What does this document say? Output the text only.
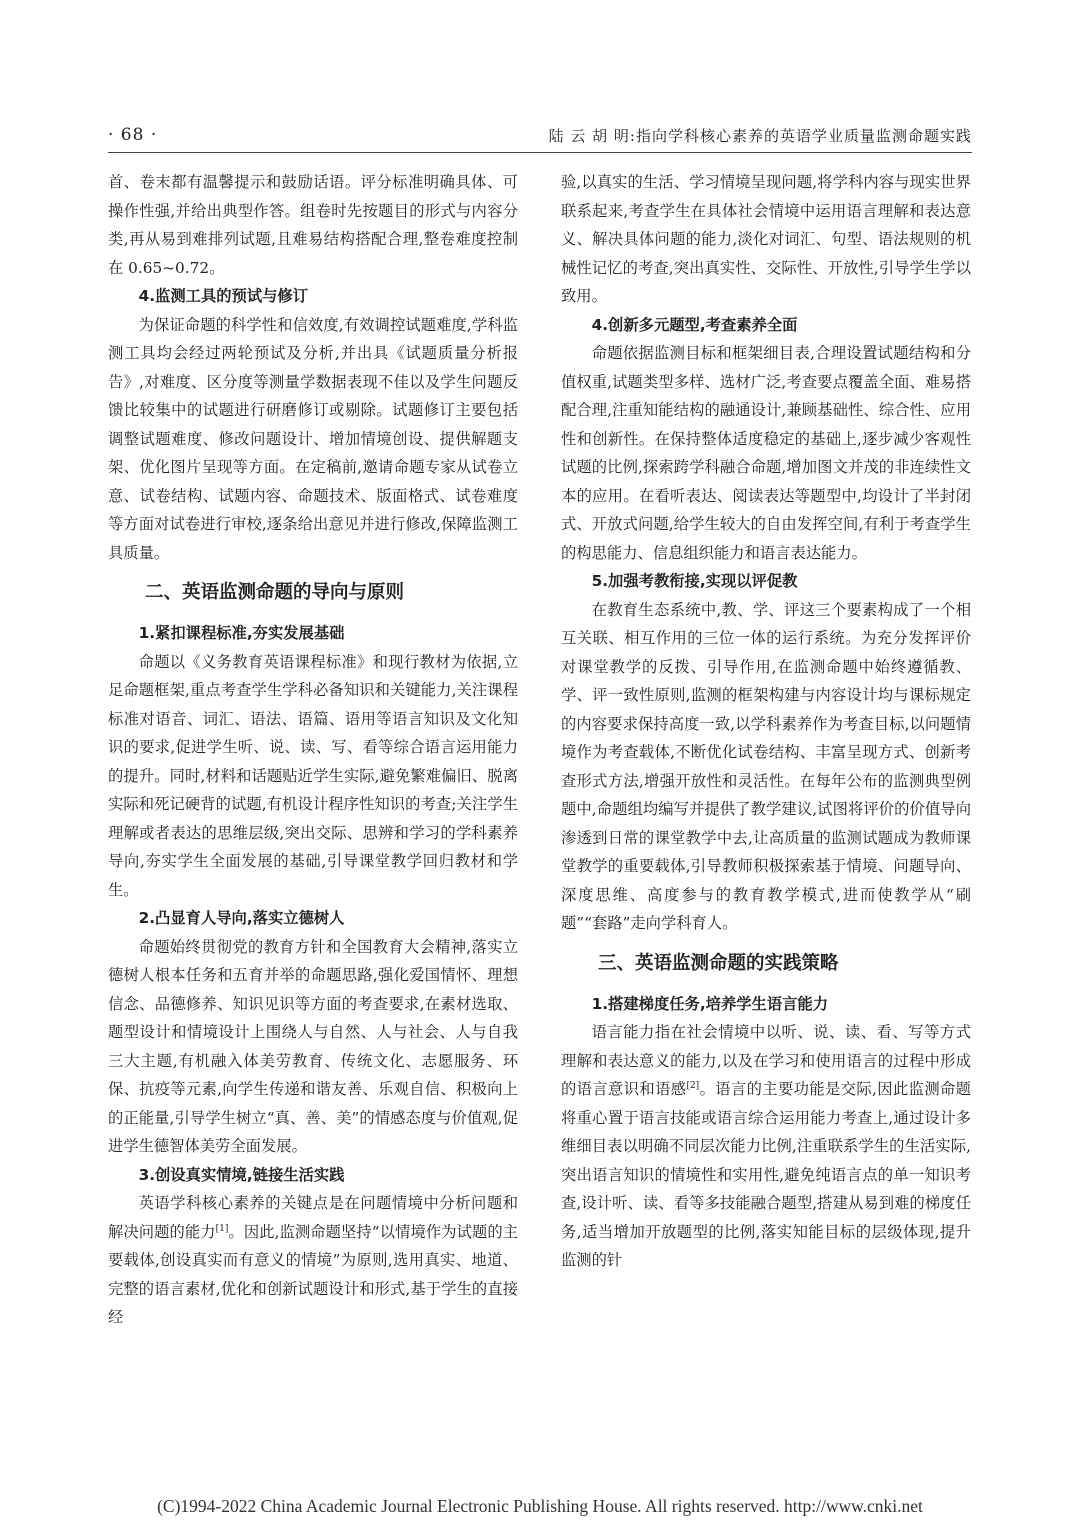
· 68 ·	陆 云 胡 明:指向学科核心素养的英语学业质量监测命题实践

首、卷末都有温馨提示和鼓励话语。评分标准明确具体、可操作性强,并给出典型作答。组卷时先按题目的形式与内容分类,再从易到难排列试题,且难易结构搭配合理,整卷难度控制在 0.65~0.72。

4.监测工具的预试与修订

为保证命题的科学性和信效度,有效调控试题难度,学科监测工具均会经过两轮预试及分析,并出具《试题质量分析报告》,对难度、区分度等测量学数据表现不佳以及学生问题反馈比较集中的试题进行研磨修订或剔除。试题修订主要包括调整试题难度、修改问题设计、增加情境创设、提供解题支架、优化图片呈现等方面。在定稿前,邀请命题专家从试卷立意、试卷结构、试题内容、命题技术、版面格式、试卷难度等方面对试卷进行审校,逐条给出意见并进行修改,保障监测工具质量。

二、英语监测命题的导向与原则
1.紧扣课程标准,夯实发展基础

命题以《义务教育英语课程标准》和现行教材为依据,立足命题框架,重点考查学生学科必备知识和关键能力,关注课程标准对语音、词汇、语法、语篇、语用等语言知识及文化知识的要求,促进学生听、说、读、写、看等综合语言运用能力的提升。同时,材料和话题贴近学生实际,避免繁难偏旧、脱离实际和死记硬背的试题,有机设计程序性知识的考查;关注学生理解或者表达的思维层级,突出交际、思辨和学习的学科素养导向,夯实学生全面发展的基础,引导课堂教学回归教材和学生。

2.凸显育人导向,落实立德树人

命题始终贯彻党的教育方针和全国教育大会精神,落实立德树人根本任务和五育并举的命题思路,强化爱国情怀、理想信念、品德修养、知识见识等方面的考查要求,在素材选取、题型设计和情境设计上围绕人与自然、人与社会、人与自我三大主题,有机融入体美劳教育、传统文化、志愿服务、环保、抗疫等元素,向学生传递和谐友善、乐观自信、积极向上的正能量,引导学生树立“真、善、美”的情感态度与价值观,促进学生德智体美劳全面发展。

3.创设真实情境,链接生活实践

英语学科核心素养的关键点是在问题情境中分析问题和解决问题的能力[1]。因此,监测命题坚持“以情境作为试题的主要载体,创设真实而有意义的情境”为原则,选用真实、地道、完整的语言素材,优化和创新试题设计和形式,基于学生的直接经

验,以真实的生活、学习情境呈现问题,将学科内容与现实世界联系起来,考查学生在具体社会情境中运用语言理解和表达意义、解决具体问题的能力,淡化对词汇、句型、语法规则的机械性记忆的考查,突出真实性、交际性、开放性,引导学生学以致用。

4.创新多元题型,考查素养全面

命题依据监测目标和框架细目表,合理设置试题结构和分值权重,试题类型多样、选材广泛,考查要点覆盖全面、难易搭配合理,注重知能结构的融通设计,兼顾基础性、综合性、应用性和创新性。在保持整体适度稳定的基础上,逐步减少客观性试题的比例,探索跨学科融合命题,增加图文并茂的非连续性文本的应用。在看听表达、阅读表达等题型中,均设计了半封闭式、开放式问题,给学生较大的自由发挥空间,有利于考查学生的构思能力、信息组织能力和语言表达能力。

5.加强考教衔接,实现以评促教

在教育生态系统中,教、学、评这三个要素构成了一个相互关联、相互作用的三位一体的运行系统。为充分发挥评价对课堂教学的反拨、引导作用,在监测命题中始终遵循教、学、评一致性原则,监测的框架构建与内容设计均与课标规定的内容要求保持高度一致,以学科素养作为考查目标,以问题情境作为考查载体,不断优化试卷结构、丰富呈现方式、创新考查形式方法,增强开放性和灵活性。在每年公布的监测典型例题中,命题组均编写并提供了教学建议,试图将评价的价值导向渗透到日常的课堂教学中去,让高质量的监测试题成为教师课堂教学的重要载体,引导教师积极探索基于情境、问题导向、深度思维、高度参与的教育教学模式,进而使教学从“刷题”“套路”走向学科育人。

三、英语监测命题的实践策略
1.搭建梯度任务,培养学生语言能力

语言能力指在社会情境中以听、说、读、看、写等方式理解和表达意义的能力,以及在学习和使用语言的过程中形成的语言意识和语感[2]。语言的主要功能是交际,因此监测命题将重心置于语言技能或语言综合运用能力考查上,通过设计多维细目表以明确不同层次能力比例,注重联系学生的生活实际,突出语言知识的情境性和实用性,避免纯语言点的单一知识考查,设计听、读、看等多技能融合题型,搭建从易到难的梯度任务,适当增加开放题型的比例,落实知能目标的层级体现,提升监测的针

(C)1994-2022 China Academic Journal Electronic Publishing House. All rights reserved. http://www.cnki.net
